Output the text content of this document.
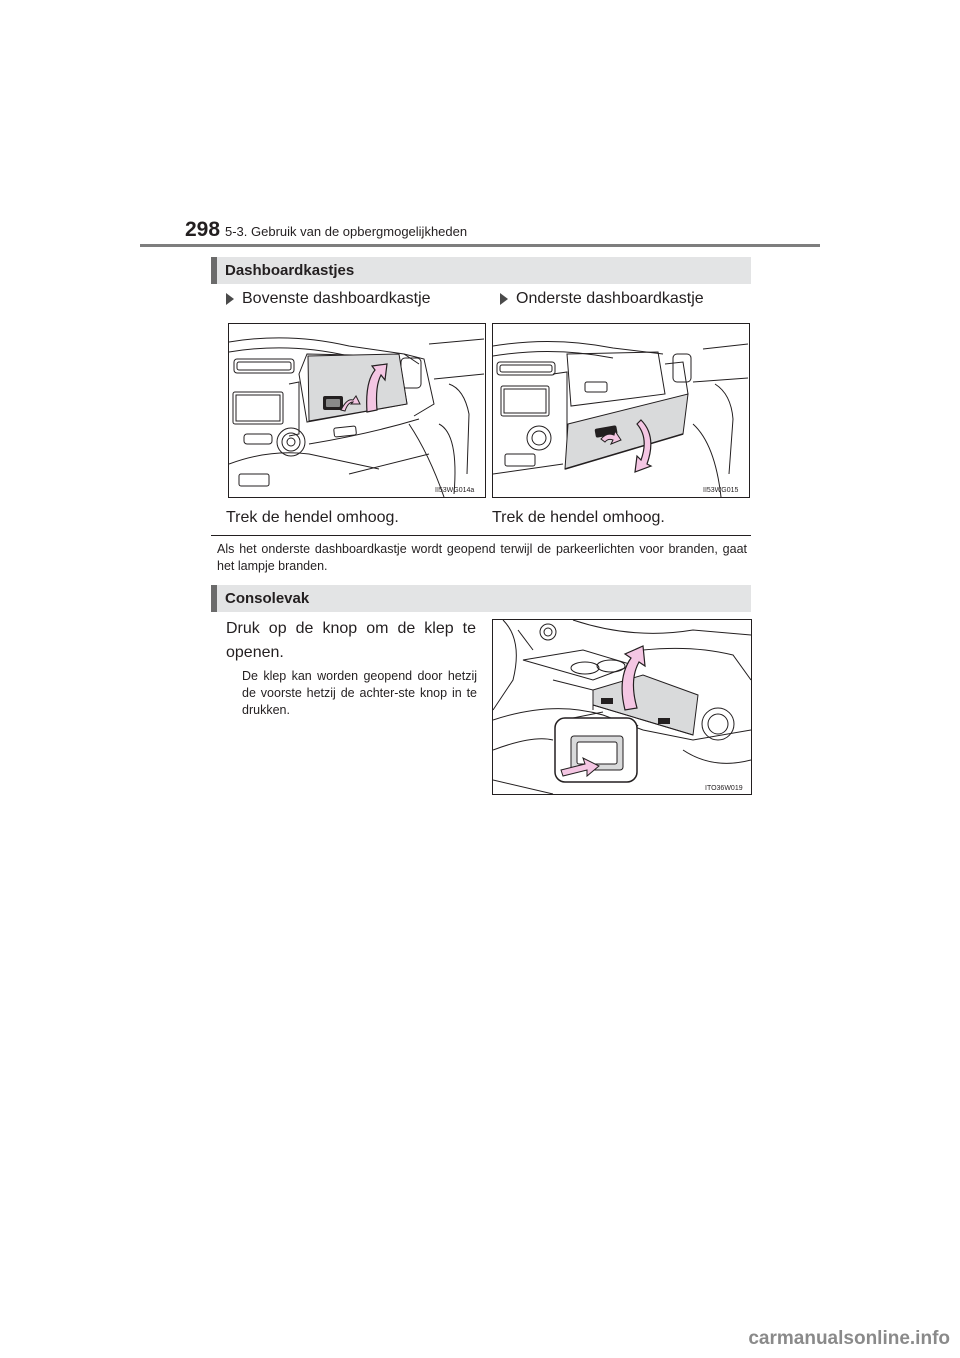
298 5-3. Gebruik van de opbergmogelijkheden
Dashboardkastjes
Bovenste dashboardkastje	Onderste dashboardkastje
II53WG014a	II53WG015
Trek de hendel omhoog.	Trek de hendel omhoog.
Als het onderste dashboardkastje wordt geopend terwijl de parkeerlichten voor branden, gaat het lampje branden.
Consolevak
Druk op de knop om de klep te openen.
De klep kan worden geopend door hetzij de voorste hetzij de achter-ste knop in te drukken.
ITO36W019
carmanualsonline.info
